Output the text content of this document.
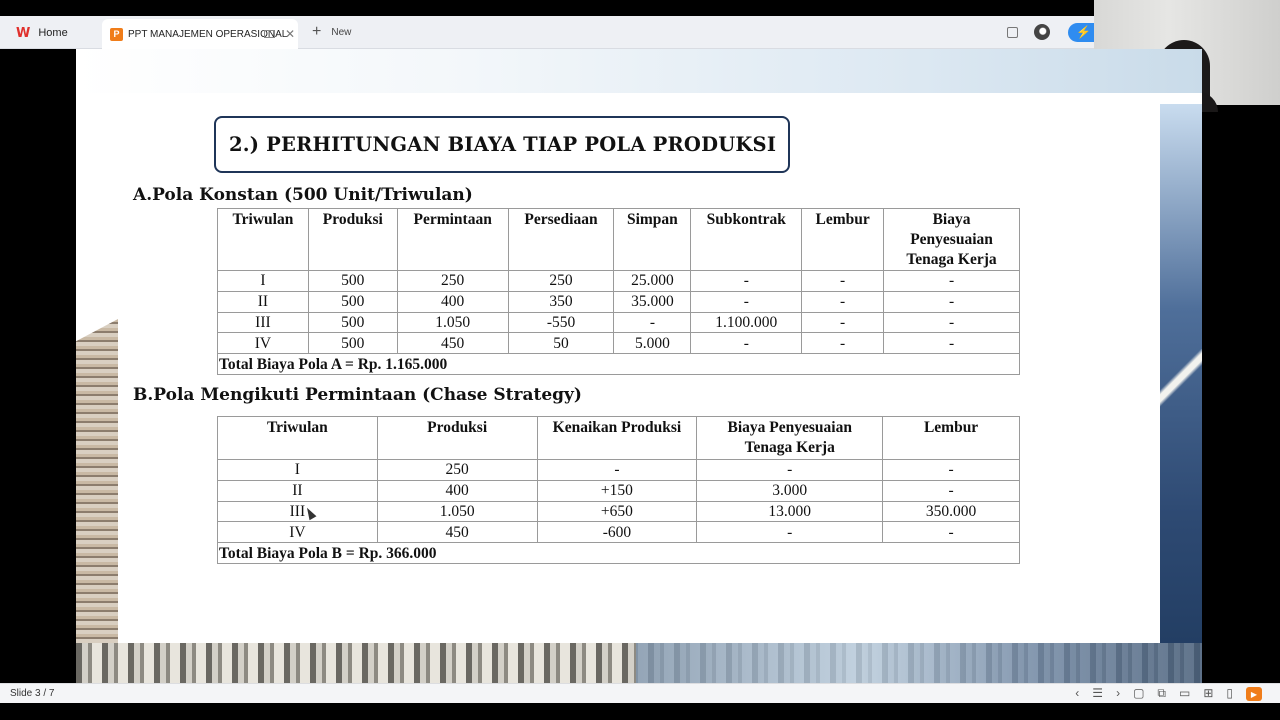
W Home	P PPT MANAJEMEN OPERASIONAL
✕ + New	⚡
2.) PERHITUNGAN BIAYA TIAP POLA PRODUKSI
A.Pola Konstan (500 Unit/Triwulan)
Triwulan	Produksi	Permintaan	Persediaan	Simpan	Subkontrak	Lembur	Biaya Penyesuaian Tenaga Kerja
I	500	250	250	25.000	-	-	-
II	500	400	350	35.000	-	-	-
III	500	1.050	-550	-	1.100.000	-	-
IV	500	450	50	5.000	-	-	-
Total Biaya Pola A = Rp. 1.165.000							
B.Pola Mengikuti Permintaan (Chase Strategy)
Triwulan	Produksi	Kenaikan Produksi	Biaya Penyesuaian Tenaga Kerja	Lembur
I	250	-	-	-
II	400	+150	3.000	-
III	1.050	+650	13.000	350.000
IV	450	-600	-	-
Total Biaya Pola B = Rp. 366.000				
Slide 3 / 7	‹ ☰ › ▢ ⧉ ▭ ⊞ ▯	▶
